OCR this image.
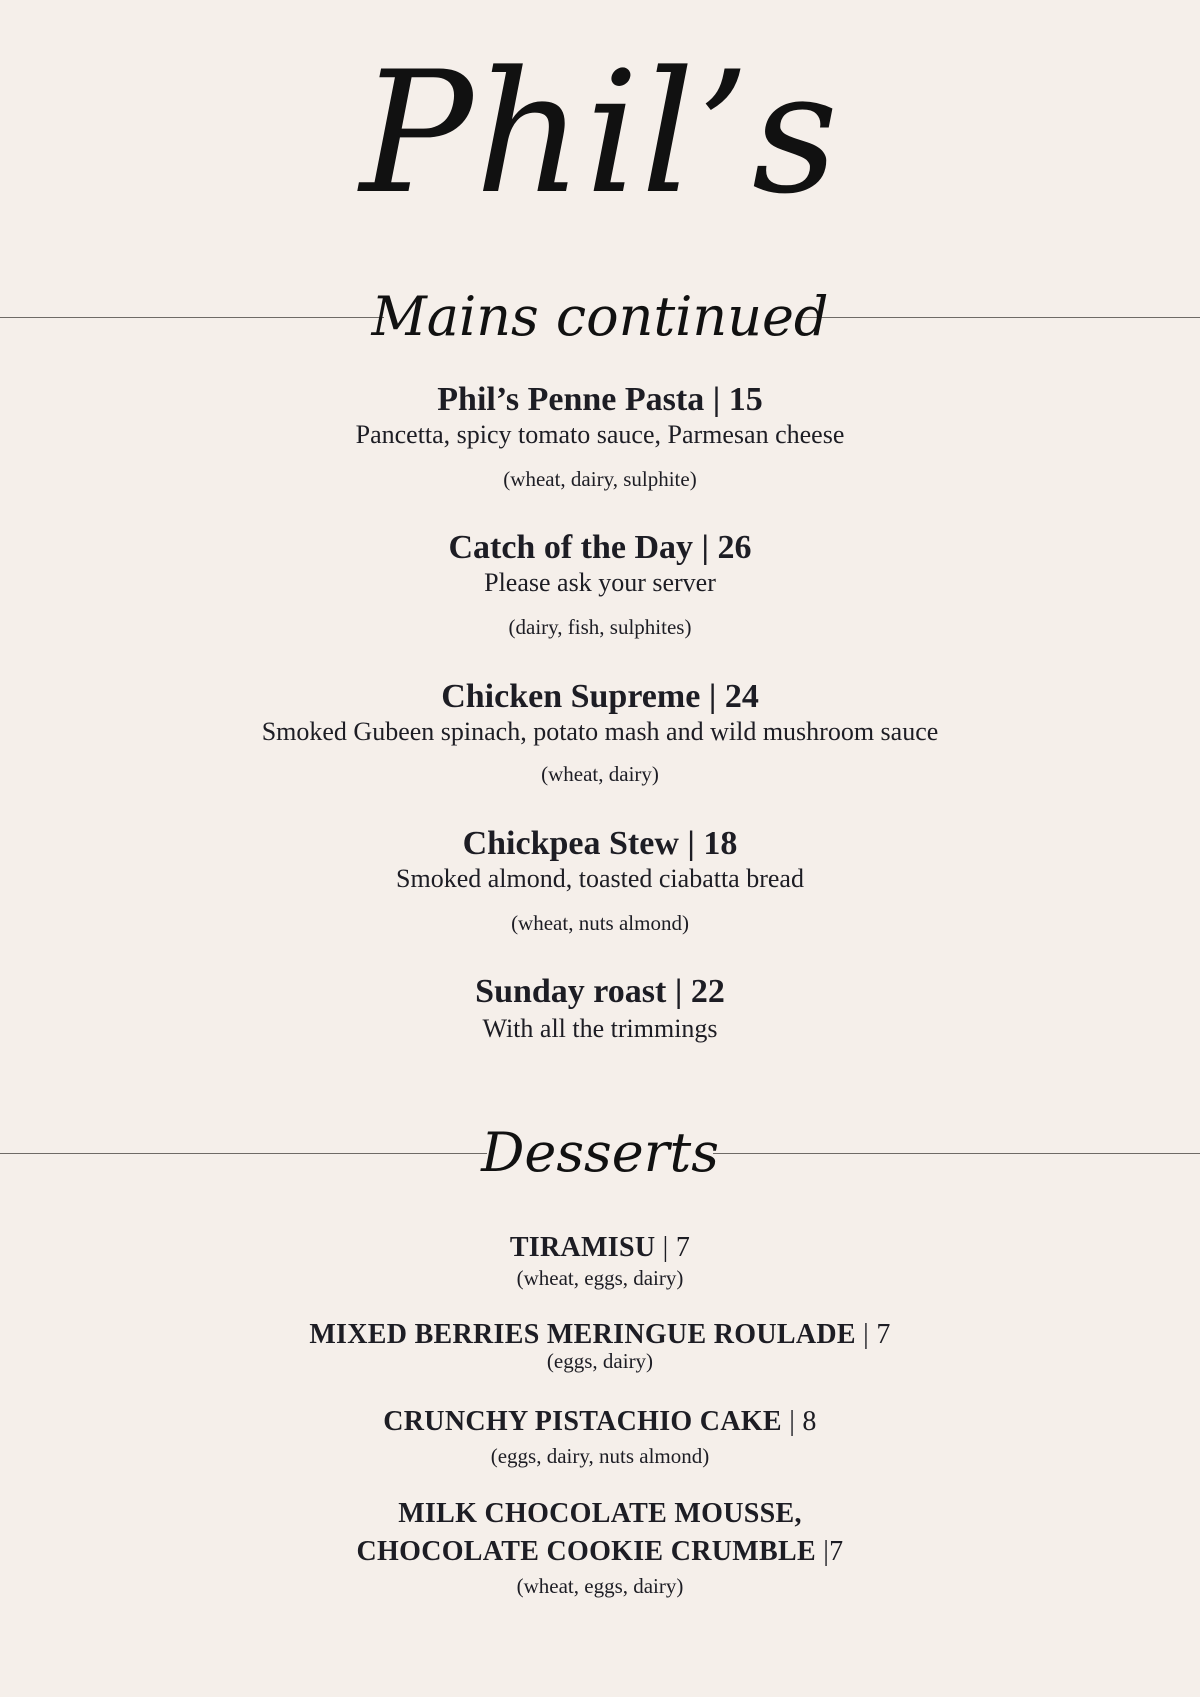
Phil’s
Mains continued
Phil’s Penne Pasta | 15
Pancetta, spicy tomato sauce, Parmesan cheese
(wheat, dairy, sulphite)
Catch of the Day | 26
Please ask your server
(dairy, fish, sulphites)
Chicken Supreme | 24
Smoked Gubeen spinach, potato mash and wild mushroom sauce
(wheat, dairy)
Chickpea Stew | 18
Smoked almond, toasted ciabatta bread
(wheat, nuts almond)
Sunday roast | 22
With all the trimmings
Desserts
TIRAMISU | 7
(wheat, eggs, dairy)
MIXED BERRIES MERINGUE ROULADE | 7
(eggs, dairy)
CRUNCHY PISTACHIO CAKE | 8
(eggs, dairy, nuts almond)
MILK CHOCOLATE MOUSSE,
CHOCOLATE COOKIE CRUMBLE |7
(wheat, eggs, dairy)
